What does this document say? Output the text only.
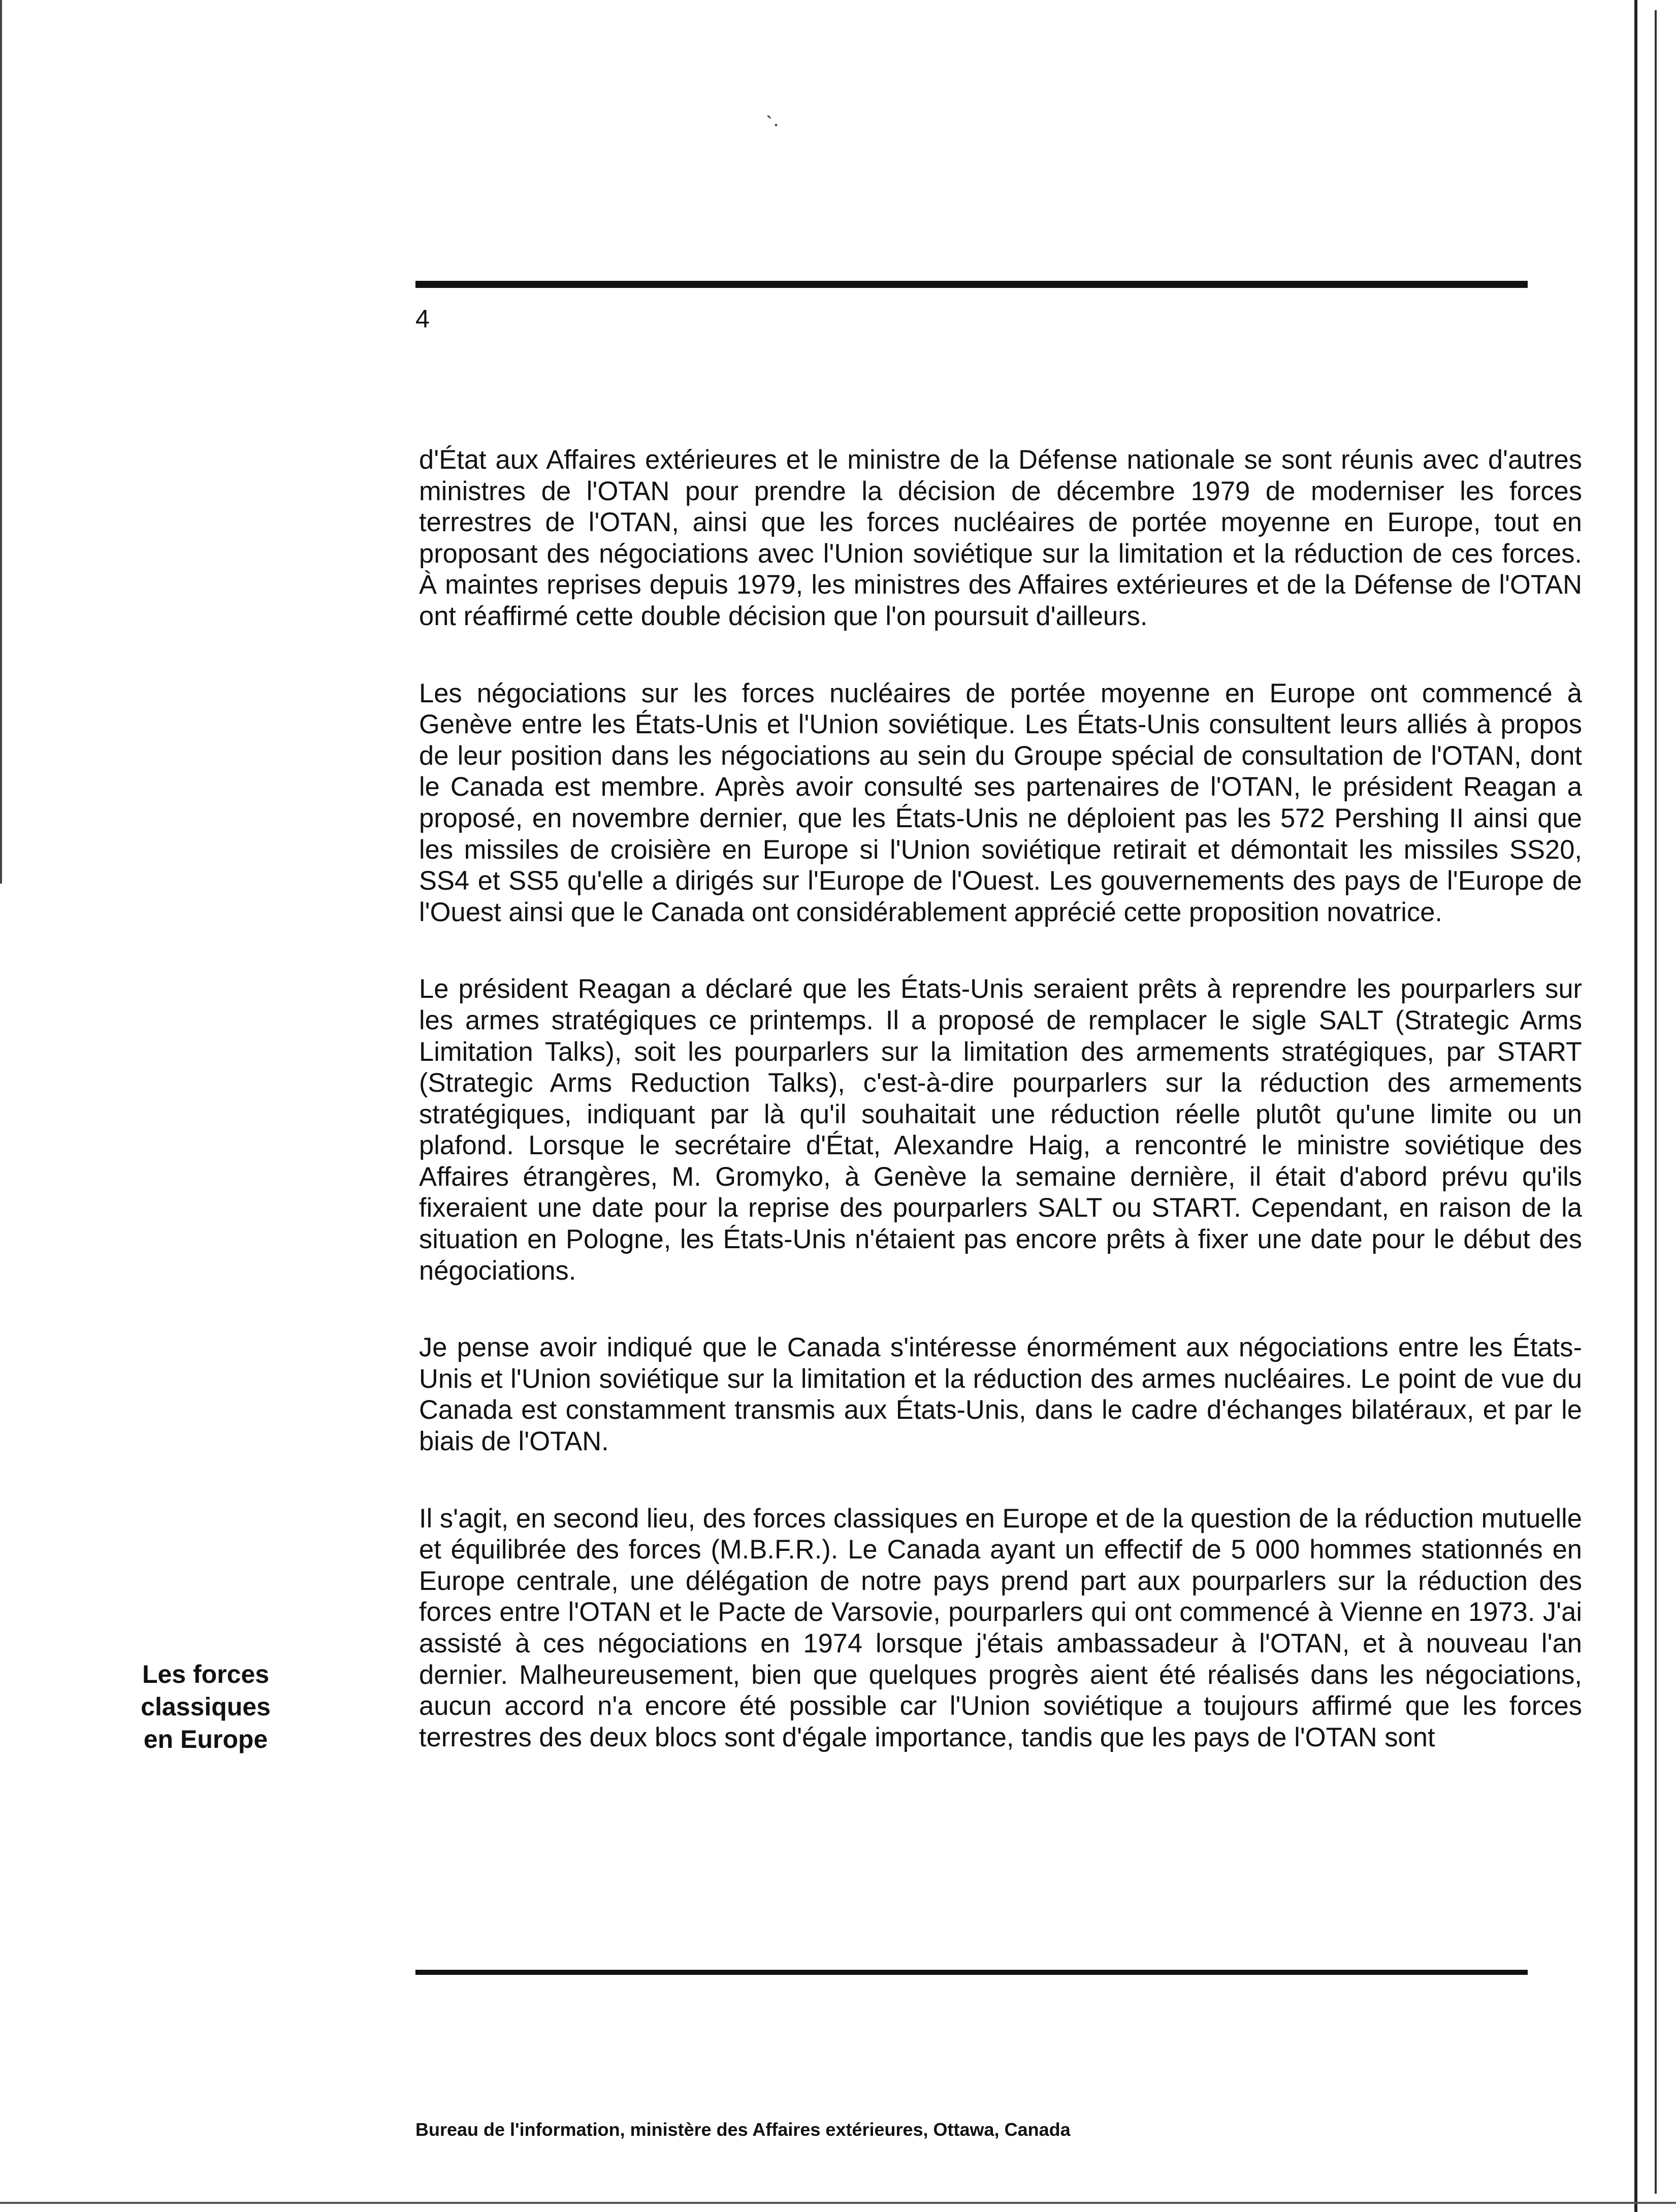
`·
4

d'État aux Affaires extérieures et le ministre de la Défense nationale se sont réunis avec d'autres ministres de l'OTAN pour prendre la décision de décembre 1979 de moderniser les forces terrestres de l'OTAN, ainsi que les forces nucléaires de portée moyenne en Europe, tout en proposant des négociations avec l'Union soviétique sur la limitation et la réduction de ces forces. À maintes reprises depuis 1979, les ministres des Affaires extérieures et de la Défense de l'OTAN ont réaffirmé cette double décision que l'on poursuit d'ailleurs.

Les négociations sur les forces nucléaires de portée moyenne en Europe ont commencé à Genève entre les États-Unis et l'Union soviétique. Les États-Unis consultent leurs alliés à propos de leur position dans les négociations au sein du Groupe spécial de consultation de l'OTAN, dont le Canada est membre. Après avoir consulté ses partenaires de l'OTAN, le président Reagan a proposé, en novembre dernier, que les États-Unis ne déploient pas les 572 Pershing II ainsi que les missiles de croisière en Europe si l'Union soviétique retirait et démontait les missiles SS20, SS4 et SS5 qu'elle a dirigés sur l'Europe de l'Ouest. Les gouvernements des pays de l'Europe de l'Ouest ainsi que le Canada ont considérablement apprécié cette proposition novatrice.

Le président Reagan a déclaré que les États-Unis seraient prêts à reprendre les pourparlers sur les armes stratégiques ce printemps. Il a proposé de remplacer le sigle SALT (Strategic Arms Limitation Talks), soit les pourparlers sur la limitation des armements stratégiques, par START (Strategic Arms Reduction Talks), c'est-à-dire pourparlers sur la réduction des armements stratégiques, indiquant par là qu'il souhaitait une réduction réelle plutôt qu'une limite ou un plafond. Lorsque le secrétaire d'État, Alexandre Haig, a rencontré le ministre soviétique des Affaires étrangères, M. Gromyko, à Genève la semaine dernière, il était d'abord prévu qu'ils fixeraient une date pour la reprise des pourparlers SALT ou START. Cependant, en raison de la situation en Pologne, les États-Unis n'étaient pas encore prêts à fixer une date pour le début des négociations.

Je pense avoir indiqué que le Canada s'intéresse énormément aux négociations entre les États-Unis et l'Union soviétique sur la limitation et la réduction des armes nucléaires. Le point de vue du Canada est constamment transmis aux États-Unis, dans le cadre d'échanges bilatéraux, et par le biais de l'OTAN.

Il s'agit, en second lieu, des forces classiques en Europe et de la question de la réduction mutuelle et équilibrée des forces (M.B.F.R.). Le Canada ayant un effectif de 5 000 hommes stationnés en Europe centrale, une délégation de notre pays prend part aux pourparlers sur la réduction des forces entre l'OTAN et le Pacte de Varsovie, pourparlers qui ont commencé à Vienne en 1973. J'ai assisté à ces négociations en 1974 lorsque j'étais ambassadeur à l'OTAN, et à nouveau l'an dernier. Malheureusement, bien que quelques progrès aient été réalisés dans les négociations, aucun accord n'a encore été possible car l'Union soviétique a toujours affirmé que les forces terrestres des deux blocs sont d'égale importance, tandis que les pays de l'OTAN sont

Les forces
classiques
en Europe
Bureau de l'information, ministère des Affaires extérieures, Ottawa, Canada
